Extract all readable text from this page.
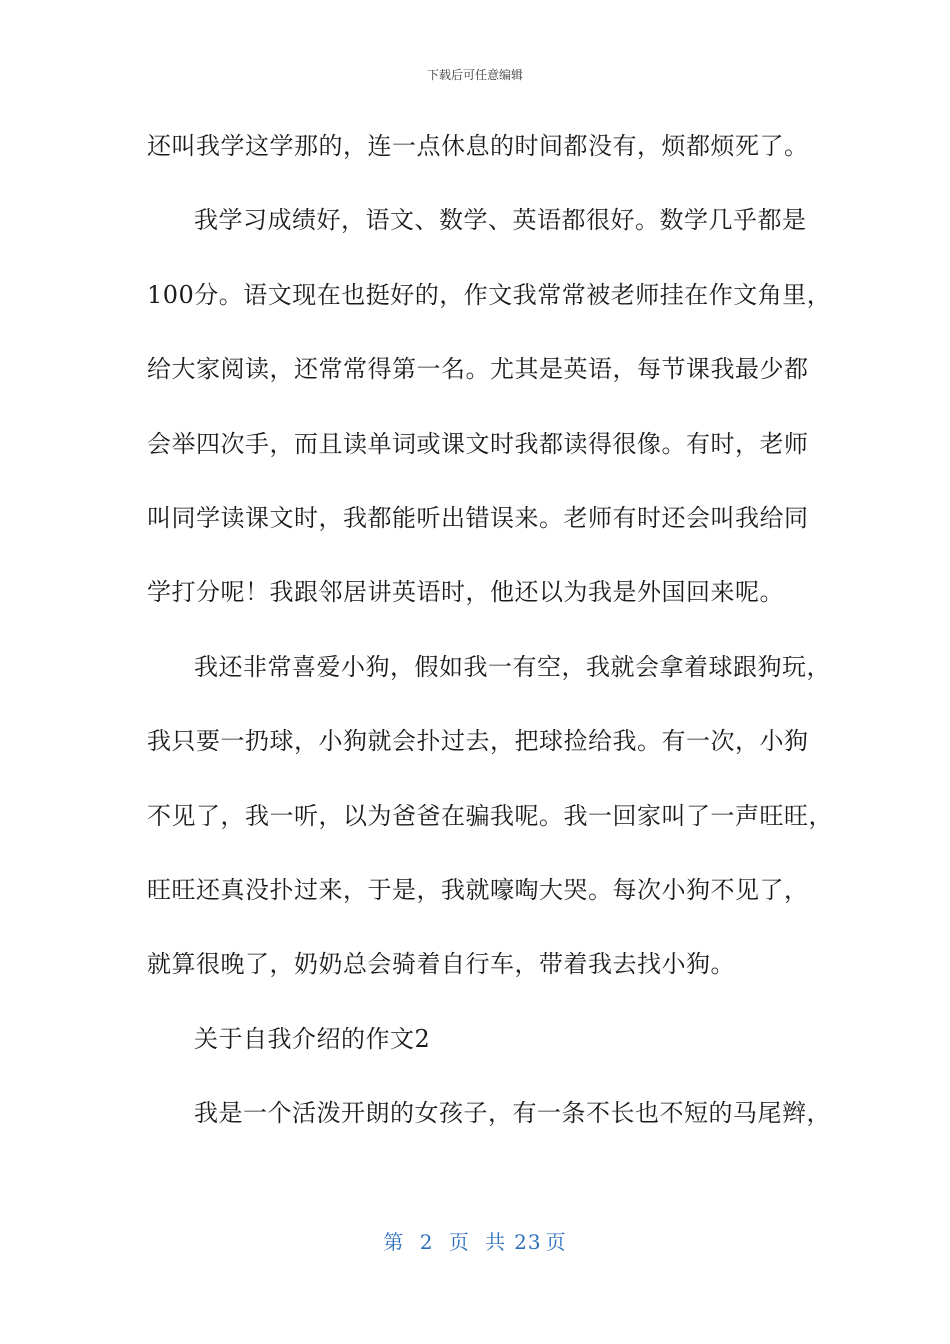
下载后可任意编辑
还叫我学这学那的，连一点休息的时间都没有，烦都烦死了。
我学习成绩好，语文、数学、英语都很好。数学几乎都是
100分。语文现在也挺好的，作文我常常被老师挂在作文角里，
给大家阅读，还常常得第一名。尤其是英语，每节课我最少都
会举四次手，而且读单词或课文时我都读得很像。有时，老师
叫同学读课文时，我都能听出错误来。老师有时还会叫我给同
学打分呢！我跟邻居讲英语时，他还以为我是外国回来呢。
我还非常喜爱小狗，假如我一有空，我就会拿着球跟狗玩，
我只要一扔球，小狗就会扑过去，把球捡给我。有一次，小狗
不见了，我一听，以为爸爸在骗我呢。我一回家叫了一声旺旺，
旺旺还真没扑过来，于是，我就嚎啕大哭。每次小狗不见了，
就算很晚了，奶奶总会骑着自行车，带着我去找小狗。
关于自我介绍的作文2
我是一个活泼开朗的女孩子，有一条不长也不短的马尾辫，
第 2 页 共 23 页
